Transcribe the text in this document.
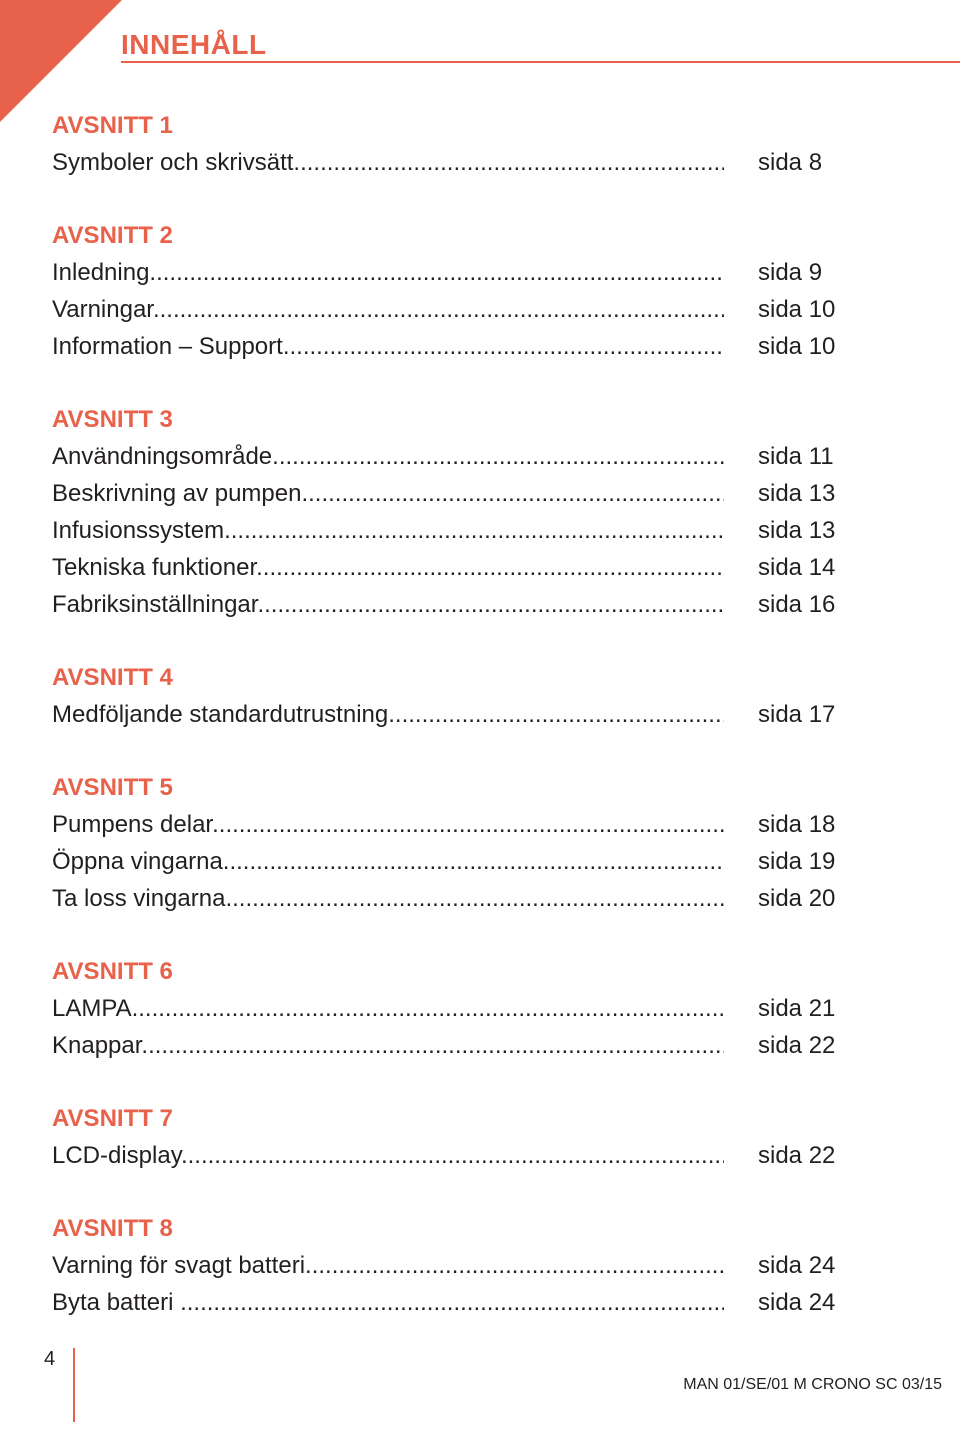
INNEHÅLL
AVSNITT 1
Symboler och skrivsätt .....	sida 8
AVSNITT 2
Inledning .....	sida 9
Varningar .....	sida 10
Information – Support .....	sida 10
AVSNITT 3
Användningsområde .....	sida 11
Beskrivning av pumpen .....	sida 13
Infusionssystem .....	sida 13
Tekniska funktioner .....	sida 14
Fabriksinställningar .....	sida 16
AVSNITT 4
Medföljande standardutrustning .....	sida 17
AVSNITT 5
Pumpens delar .....	sida 18
Öppna vingarna .....	sida 19
Ta loss vingarna .....	sida 20
AVSNITT 6
LAMPA .....	sida 21
Knappar .....	sida 22
AVSNITT 7
LCD-display .....	sida 22
AVSNITT 8
Varning för svagt batteri .....	sida 24
Byta batteri .....	sida 24
4
MAN 01/SE/01 M CRONO SC 03/15
